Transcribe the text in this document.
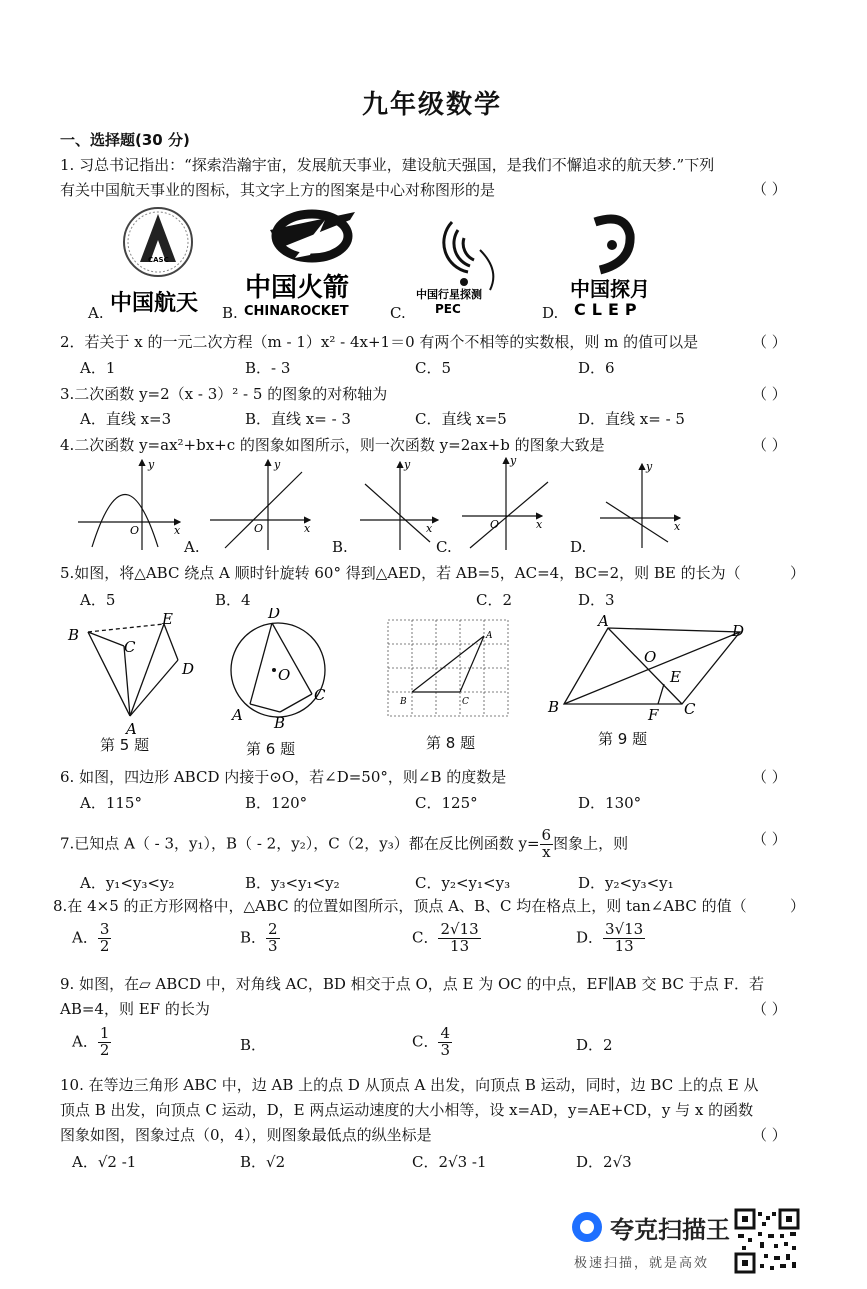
九年级数学
一、选择题(30 分)
1. 习总书记指出：“探索浩瀚宇宙，发展航天事业，建设航天强国，是我们不懈追求的航天梦.”下列
有关中国航天事业的图标，其文字上方的图案是中心对称图形的是	（ ）
CASC
中国航天
中国火箭
CHINAROCKET
中国行星探测
PEC
中国探月
CLEP
A.	B.	C.	D.
2．若关于 x 的一元二次方程（m - 1）x² - 4x+1＝0 有两个不相等的实数根，则 m 的值可以是	（ ）
A．1	B．- 3	C．5	D．6
3.二次函数 y=2（x - 3）² - 5 的图象的对称轴为	（ ）
A．直线 x=3	B．直线 x= - 3	C．直线 x=5	D．直线 x= - 5
4.二次函数 y=ax²+bx+c 的图象如图所示，则一次函数 y=2ax+b 的图象大致是	（ ）
y
x
O
y
x
O
y
x
y
x
O
y
x
A.	B.	C.	D.
5.如图，将△ABC 绕点 A 顺时针旋转 60° 得到△AED，若 AB=5，AC=4，BC=2，则 BE 的长为（	）
A．5	B．4	C．2	D．3
B
C
E
D
A
D
O
C
A B
A
B	C
A
D
O
E
B	F C
第 5 题	第 6 题	第 8 题	第 9 题
6. 如图，四边形 ABCD 内接于⊙O，若∠D=50°，则∠B 的度数是	（ ）
A．115°	B．120°	C．125°	D．130°
7.已知点 A（ - 3，y₁），B（ - 2，y₂），C（2，y₃）都在反比例函数 $y= \frac{6}{x}$ 图象上，则	（ ）
A．y₁<y₃<y₂	B．y₃<y₁<y₂	C．y₂<y₁<y₃	D．y₂<y₃<y₁
8.在 4×5 的正方形网格中，△ABC 的位置如图所示，顶点 A、B、C 均在格点上，则 tan∠ABC 的值（	）
A． $\frac{3}{2}$	B． $\frac{2}{3}$	C． $\frac{2√13}{13}$	D． $\frac{3√13}{13}$
9. 如图，在▱ ABCD 中，对角线 AC，BD 相交于点 O，点 E 为 OC 的中点，EF∥AB 交 BC 于点 F．若
AB=4，则 EF 的长为	（ ）
A． $\frac{1}{2}$	B．	C． $\frac{4}{3}$	D．2
10. 在等边三角形 ABC 中，边 AB 上的点 D 从顶点 A 出发，向顶点 B 运动，同时，边 BC 上的点 E 从
顶点 B 出发，向顶点 C 运动，D，E 两点运动速度的大小相等，设 x=AD，y=AE+CD，y 与 x 的函数
图象如图，图象过点（0，4），则图象最低点的纵坐标是	（ ）
A．√2 -1	B．√2	C．2√3 -1	D．2√3
夸克扫描王
极速扫描，就是高效
